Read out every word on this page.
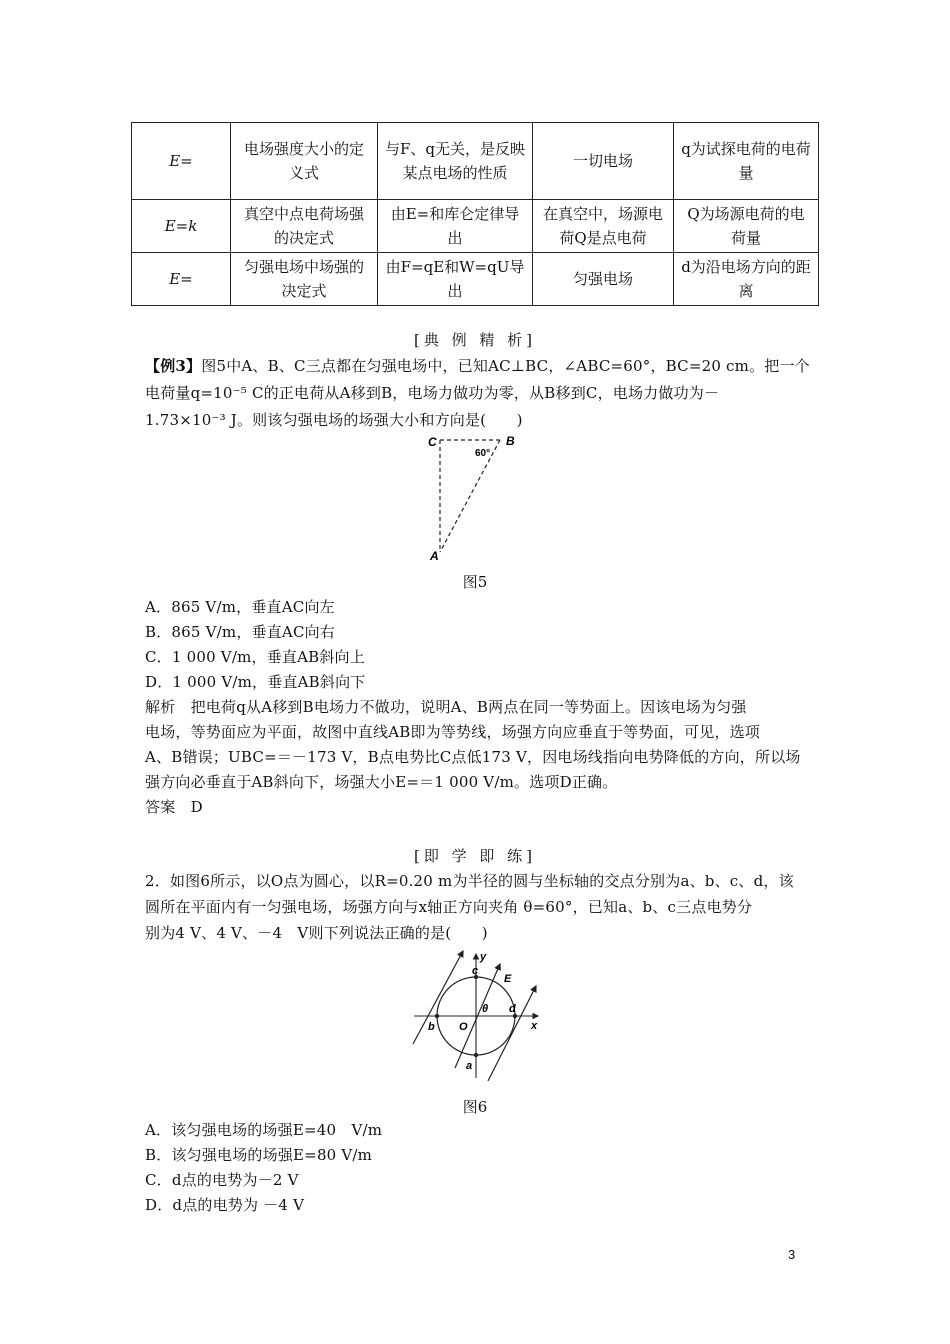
E=	电场强度大小的定义式	与F、q无关，是反映某点电场的性质	一切电场	q为试探电荷的电荷量
E=k	真空中点电荷场强的决定式	由E=和库仑定律导出	在真空中，场源电荷Q是点电荷	Q为场源电荷的电荷量
E=	匀强电场中场强的决定式	由F=qE和W=qU导出	匀强电场	d为沿电场方向的距离
[典 例 精 析]
【例3】图5中A、B、C三点都在匀强电场中，已知AC⊥BC，∠ABC=60°，BC=20 cm。把一个
电荷量q=10⁻⁵ C的正电荷从A移到B，电场力做功为零，从B移到C，电场力做功为－
1.73×10⁻³ J。则该匀强电场的场强大小和方向是(　　)
C	B
A
60°
图5
A．865 V/m，垂直AC向左
B．865 V/m，垂直AC向右
C．1 000 V/m，垂直AB斜向上
D．1 000 V/m，垂直AB斜向下
解析　把电荷q从A移到B电场力不做功，说明A、B两点在同一等势面上。因该电场为匀强
电场，等势面应为平面，故图中直线AB即为等势线，场强方向应垂直于等势面，可见，选项
A、B错误；UBC=＝－173 V，B点电势比C点低173 V，因电场线指向电势降低的方向，所以场
强方向必垂直于AB斜向下，场强大小E=＝1 000 V/m。选项D正确。
答案　D
[即 学 即 练]
2．如图6所示，以O点为圆心，以R=0.20 m为半径的圆与坐标轴的交点分别为a、b、c、d，该
圆所在平面内有一匀强电场，场强方向与x轴正方向夹角 θ=60°，已知a、b、c三点电势分
别为4 V、4 V、－4　V则下列说法正确的是(　　)
y
x
c
E
θ d
b O
a
图6
A．该匀强电场的场强E=40　V/m
B．该匀强电场的场强E=80 V/m
C．d点的电势为－2 V
D．d点的电势为 －4 V
3
